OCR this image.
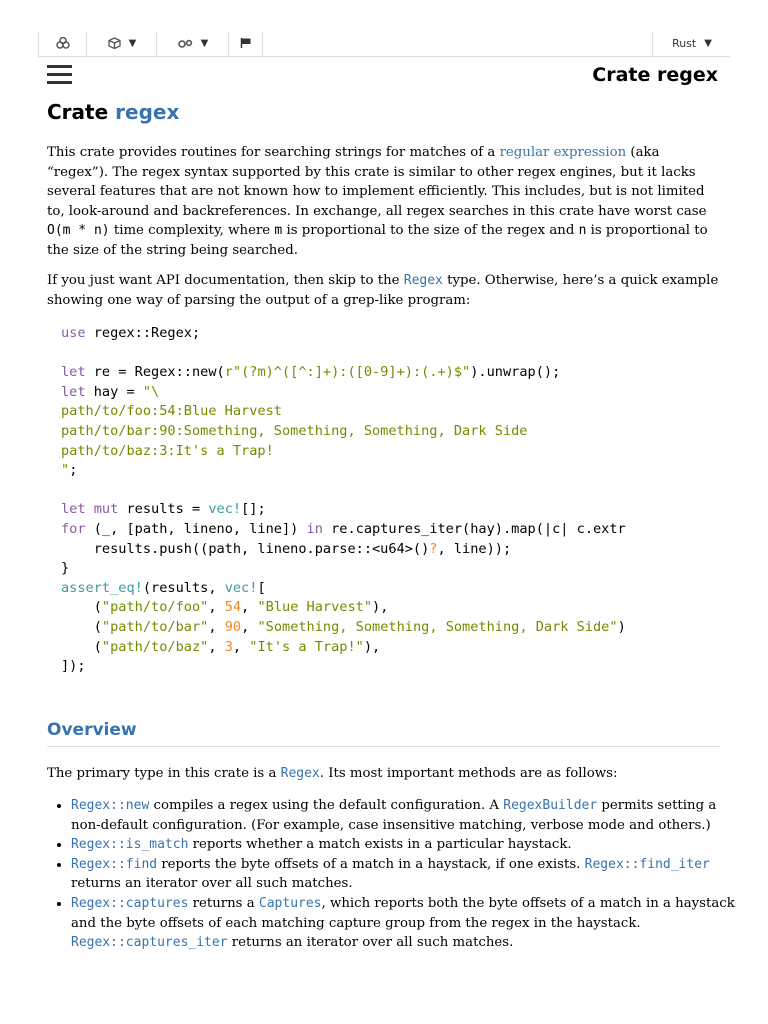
▼	▼	Rust ▼
Crate regex
Crate regex

This crate provides routines for searching strings for matches of a regular expression (aka “regex”). The regex syntax supported by this crate is similar to other regex engines, but it lacks several features that are not known how to implement efficiently. This includes, but is not limited to, look-around and backreferences. In exchange, all regex searches in this crate have worst case O(m * n) time complexity, where m is proportional to the size of the regex and n is proportional to the size of the string being searched.

If you just want API documentation, then skip to the Regex type. Otherwise, here’s a quick example showing one way of parsing the output of a grep-like program:

use regex::Regex;

let re = Regex::new(r"(?m)^([^:]+):([0-9]+):(.+)$").unwrap();
let hay = "\
path/to/foo:54:Blue Harvest
path/to/bar:90:Something, Something, Something, Dark Side
path/to/baz:3:It's a Trap!
";

let mut results = vec![];
for (_, [path, lineno, line]) in re.captures_iter(hay).map(|c| c.extr
results.push((path, lineno.parse::<u64>()?, line));
}
assert_eq!(results, vec![
("path/to/foo", 54, "Blue Harvest"),
("path/to/bar", 90, "Something, Something, Something, Dark Side")
("path/to/baz", 3, "It's a Trap!"),
]);
Overview

The primary type in this crate is a Regex. Its most important methods are as follows:

• Regex::new compiles a regex using the default configuration. A RegexBuilder permits setting a non-default configuration. (For example, case insensitive matching, verbose mode and others.)
• Regex::is_match reports whether a match exists in a particular haystack.
• Regex::find reports the byte offsets of a match in a haystack, if one exists. Regex::find_iter returns an iterator over all such matches.
• Regex::captures returns a Captures, which reports both the byte offsets of a match in a haystack and the byte offsets of each matching capture group from the regex in the haystack. Regex::captures_iter returns an iterator over all such matches.
